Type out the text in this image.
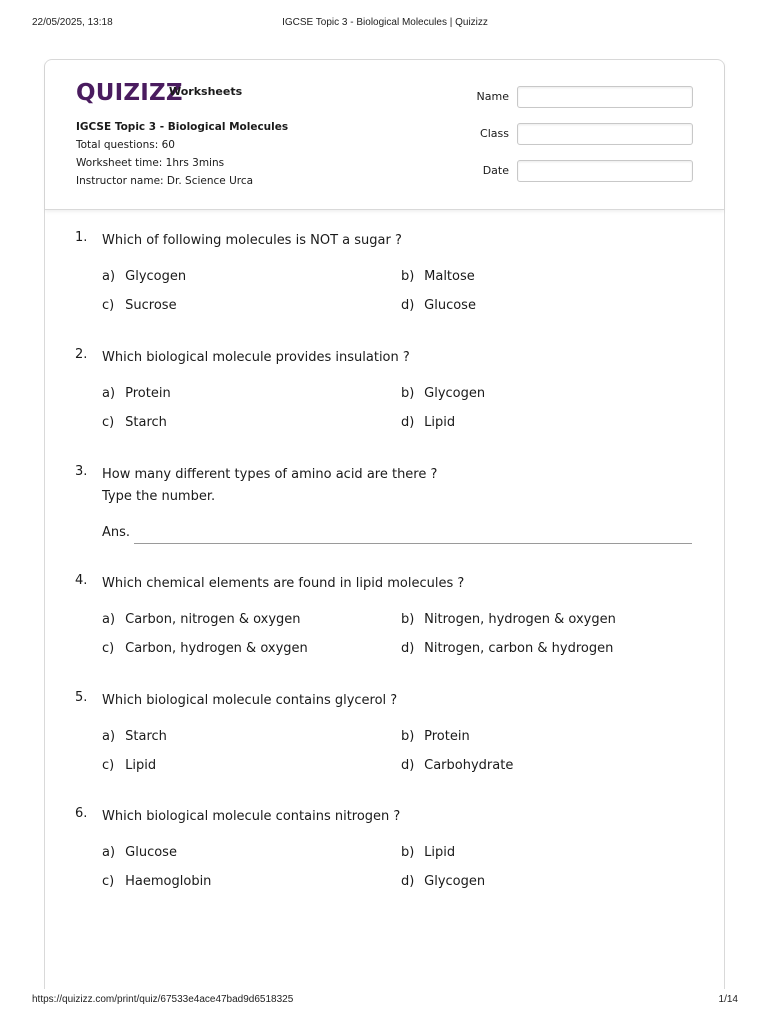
22/05/2025, 13:18	IGCSE Topic 3 - Biological Molecules | Quizizz
QUIZIZZ
Worksheets
IGCSE Topic 3 - Biological Molecules
Total questions: 60
Worksheet time: 1hrs 3mins
Instructor name: Dr. Science Urca
Name
Class
Date
1.	Which of following molecules is NOT a sugar ?
a) Glycogen	b) Maltose
c) Sucrose	d) Glucose
2.	Which biological molecule provides insulation ?
a) Protein	b) Glycogen
c) Starch	d) Lipid
3.	How many different types of amino acid are there ?
Type the number.
Ans.
4.	Which chemical elements are found in lipid molecules ?
a) Carbon, nitrogen & oxygen	b) Nitrogen, hydrogen & oxygen
c) Carbon, hydrogen & oxygen	d) Nitrogen, carbon & hydrogen
5.	Which biological molecule contains glycerol ?
a) Starch	b) Protein
c) Lipid	d) Carbohydrate
6.	Which biological molecule contains nitrogen ?
a) Glucose	b) Lipid
c) Haemoglobin	d) Glycogen
https://quizizz.com/print/quiz/67533e4ace47bad9d6518325	1/14
